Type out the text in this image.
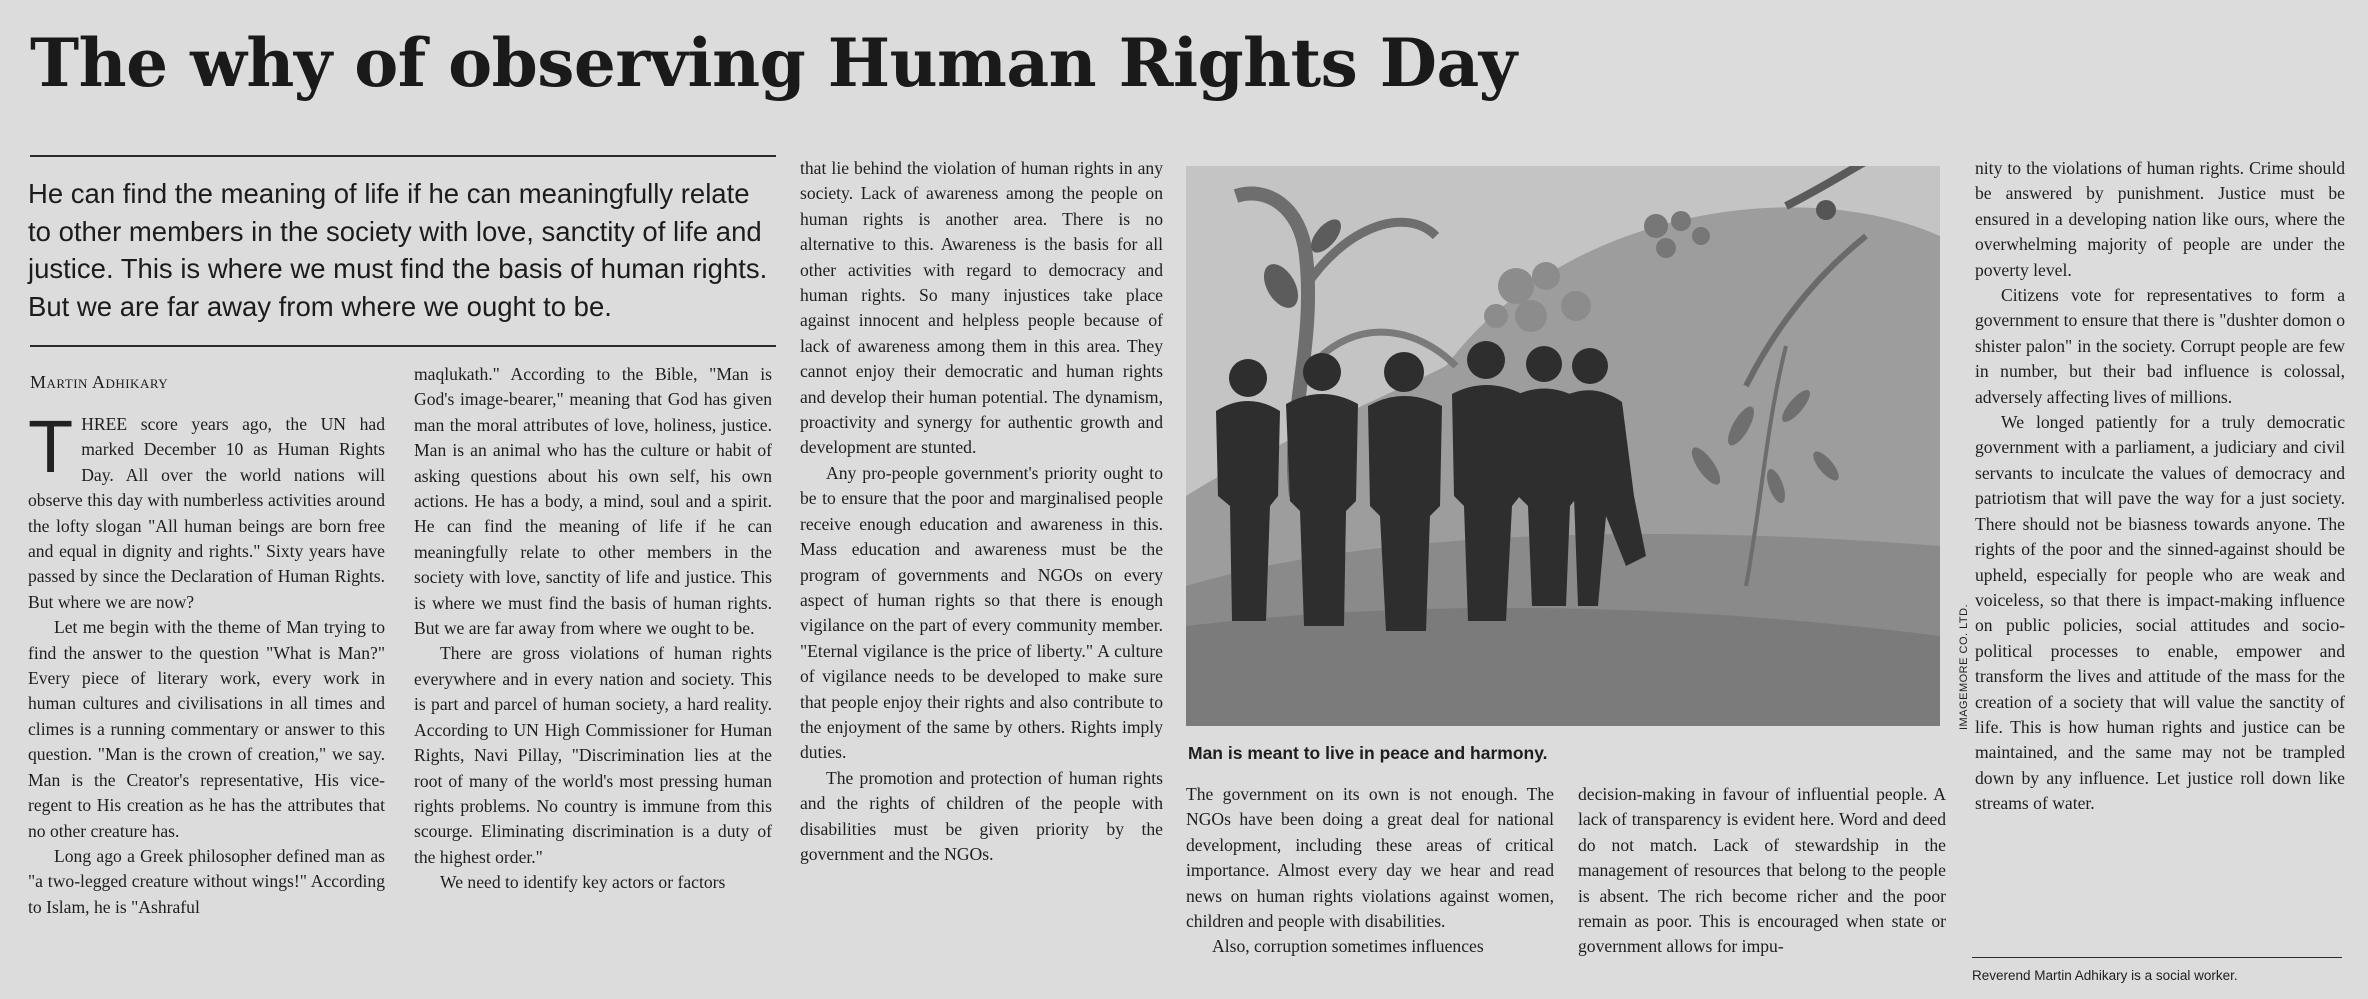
The why of observing Human Rights Day

He can find the meaning of life if he can meaningfully relate to other members in the society with love, sanctity of life and justice. This is where we must find the basis of human rights. But we are far away from where we ought to be.

Martin Adhikary

THREE score years ago, the UN had marked December 10 as Human Rights Day. All over the world nations will observe this day with numberless activities around the lofty slogan "All human beings are born free and equal in dignity and rights." Sixty years have passed by since the Declaration of Human Rights. But where we are now?

Let me begin with the theme of Man trying to find the answer to the question "What is Man?" Every piece of literary work, every work in human cultures and civilisations in all times and climes is a running commentary or answer to this question. "Man is the crown of creation," we say. Man is the Creator's representative, His vice-regent to His creation as he has the attributes that no other creature has.

Long ago a Greek philosopher defined man as "a two-legged creature without wings!" According to Islam, he is "Ashraful

maqlukath." According to the Bible, "Man is God's image-bearer," meaning that God has given man the moral attributes of love, holiness, justice. Man is an animal who has the culture or habit of asking questions about his own self, his own actions. He has a body, a mind, soul and a spirit. He can find the meaning of life if he can meaningfully relate to other members in the society with love, sanctity of life and justice. This is where we must find the basis of human rights. But we are far away from where we ought to be.

There are gross violations of human rights everywhere and in every nation and society. This is part and parcel of human society, a hard reality. According to UN High Commissioner for Human Rights, Navi Pillay, "Discrimination lies at the root of many of the world's most pressing human rights problems. No country is immune from this scourge. Eliminating discrimination is a duty of the highest order."

We need to identify key actors or factors

that lie behind the violation of human rights in any society. Lack of awareness among the people on human rights is another area. There is no alternative to this. Awareness is the basis for all other activities with regard to democracy and human rights. So many injustices take place against innocent and helpless people because of lack of awareness among them in this area. They cannot enjoy their democratic and human rights and develop their human potential. The dynamism, proactivity and synergy for authentic growth and development are stunted.

Any pro-people government's priority ought to be to ensure that the poor and marginalised people receive enough education and awareness in this. Mass education and awareness must be the program of governments and NGOs on every aspect of human rights so that there is enough vigilance on the part of every community member. "Eternal vigilance is the price of liberty." A culture of vigilance needs to be developed to make sure that people enjoy their rights and also contribute to the enjoyment of the same by others. Rights imply duties.

The promotion and protection of human rights and the rights of children of the people with disabilities must be given priority by the government and the NGOs.

Man is meant to live in peace and harmony.
IMAGEMORE CO. LTD.

The government on its own is not enough. The NGOs have been doing a great deal for national development, including these areas of critical importance. Almost every day we hear and read news on human rights violations against women, children and people with disabilities.

Also, corruption sometimes influences

decision-making in favour of influential people. A lack of transparency is evident here. Word and deed do not match. Lack of stewardship in the management of resources that belong to the people is absent. The rich become richer and the poor remain as poor. This is encouraged when state or government allows for impu-

nity to the violations of human rights. Crime should be answered by punishment. Justice must be ensured in a developing nation like ours, where the overwhelming majority of people are under the poverty level.

Citizens vote for representatives to form a government to ensure that there is "dushter domon o shister palon" in the society. Corrupt people are few in number, but their bad influence is colossal, adversely affecting lives of millions.

We longed patiently for a truly democratic government with a parliament, a judiciary and civil servants to inculcate the values of democracy and patriotism that will pave the way for a just society. There should not be biasness towards anyone. The rights of the poor and the sinned-against should be upheld, especially for people who are weak and voiceless, so that there is impact-making influence on public policies, social attitudes and socio-political processes to enable, empower and transform the lives and attitude of the mass for the creation of a society that will value the sanctity of life. This is how human rights and justice can be maintained, and the same may not be trampled down by any influence. Let justice roll down like streams of water.

Reverend Martin Adhikary is a social worker.
